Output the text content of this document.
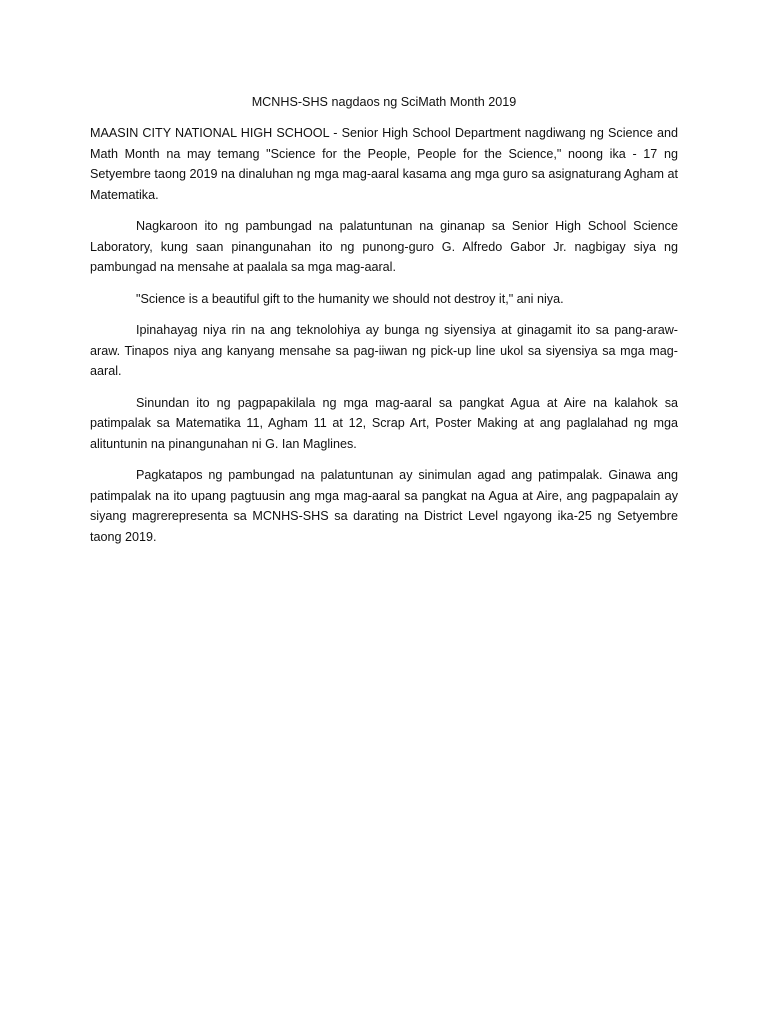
MCNHS-SHS nagdaos ng SciMath Month 2019

MAASIN CITY NATIONAL HIGH SCHOOL - Senior High School Department nagdiwang ng Science and Math Month na may temang "Science for the People, People for the Science," noong ika - 17 ng Setyembre taong 2019 na dinaluhan ng mga mag-aaral kasama ang mga guro sa asignaturang Agham at Matematika.

Nagkaroon ito ng pambungad na palatuntunan na ginanap sa Senior High School Science Laboratory, kung saan pinangunahan ito ng punong-guro G. Alfredo Gabor Jr. nagbigay siya ng pambungad na mensahe at paalala sa mga mag-aaral.

"Science is a beautiful gift to the humanity we should not destroy it," ani niya.

Ipinahayag niya rin na ang teknolohiya ay bunga ng siyensiya at ginagamit ito sa pang-araw-araw. Tinapos niya ang kanyang mensahe sa pag-iiwan ng pick-up line ukol sa siyensiya sa mga mag-aaral.

Sinundan ito ng pagpapakilala ng mga mag-aaral sa pangkat Agua at Aire na kalahok sa patimpalak sa Matematika 11, Agham 11 at 12, Scrap Art, Poster Making at ang paglalahad ng mga alituntunin na pinangunahan ni G. Ian Maglines.

Pagkatapos ng pambungad na palatuntunan ay sinimulan agad ang patimpalak. Ginawa ang patimpalak na ito upang pagtuusin ang mga mag-aaral sa pangkat na Agua at Aire, ang pagpapalain ay siyang magrerepresenta sa MCNHS-SHS sa darating na District Level ngayong ika-25 ng Setyembre taong 2019.
